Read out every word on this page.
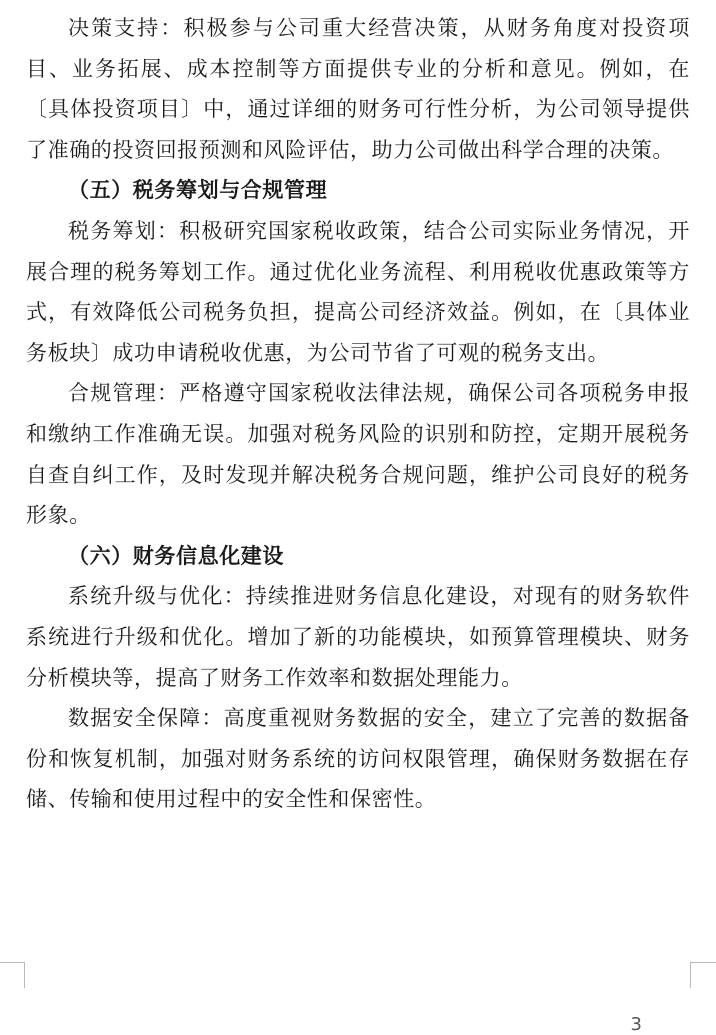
决策支持：积极参与公司重大经营决策，从财务角度对投资项目、业务拓展、成本控制等方面提供专业的分析和意见。例如，在〔具体投资项目〕中，通过详细的财务可行性分析，为公司领导提供了准确的投资回报预测和风险评估，助力公司做出科学合理的决策。

（五）税务筹划与合规管理

税务筹划：积极研究国家税收政策，结合公司实际业务情况，开展合理的税务筹划工作。通过优化业务流程、利用税收优惠政策等方式，有效降低公司税务负担，提高公司经济效益。例如，在〔具体业务板块〕成功申请税收优惠，为公司节省了可观的税务支出。

合规管理：严格遵守国家税收法律法规，确保公司各项税务申报和缴纳工作准确无误。加强对税务风险的识别和防控，定期开展税务自查自纠工作，及时发现并解决税务合规问题，维护公司良好的税务形象。

（六）财务信息化建设

系统升级与优化：持续推进财务信息化建设，对现有的财务软件系统进行升级和优化。增加了新的功能模块，如预算管理模块、财务分析模块等，提高了财务工作效率和数据处理能力。

数据安全保障：高度重视财务数据的安全，建立了完善的数据备份和恢复机制，加强对财务系统的访问权限管理，确保财务数据在存储、传输和使用过程中的安全性和保密性。

3
